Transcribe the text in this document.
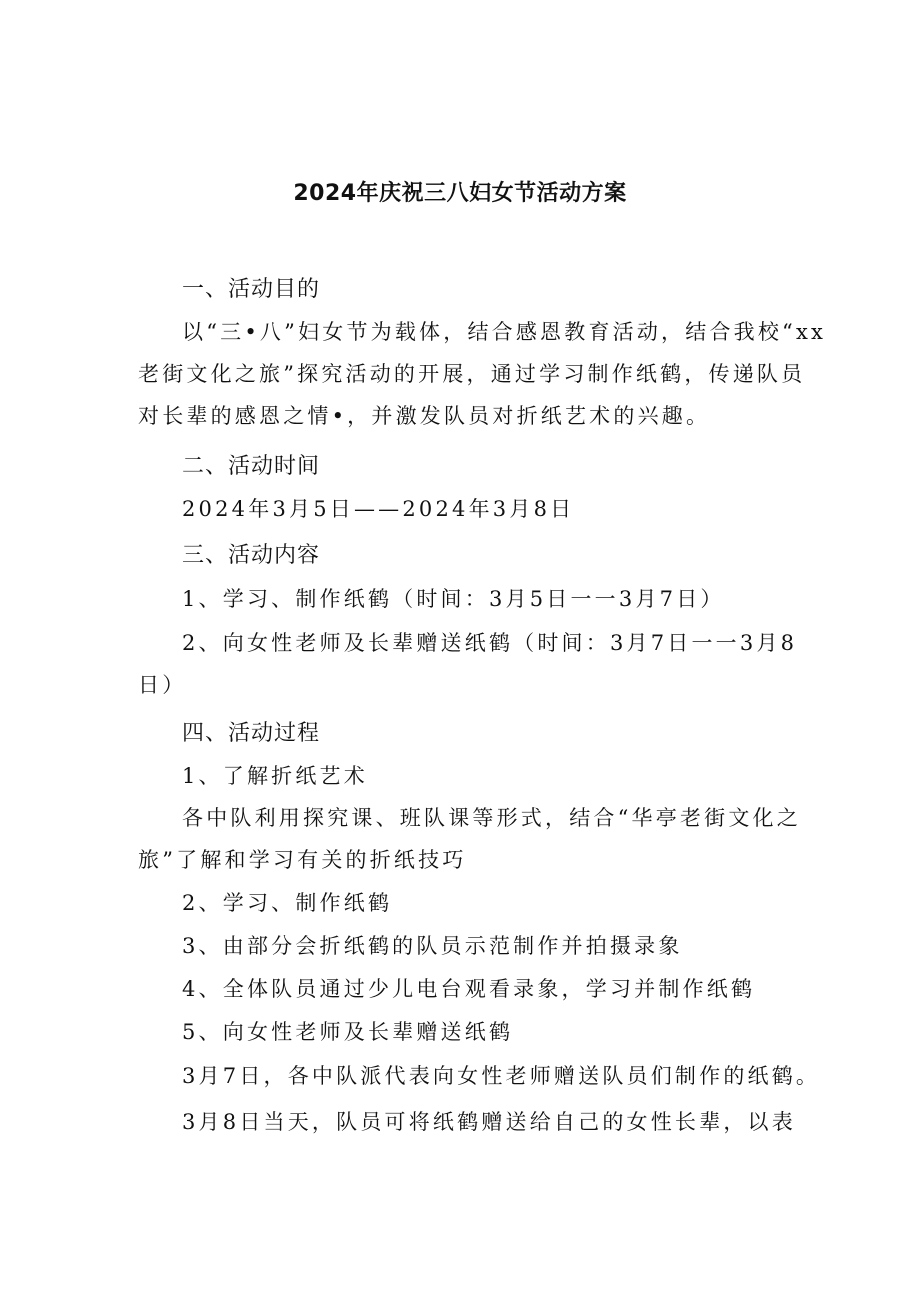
2024年庆祝三八妇女节活动方案
一、活动目的
以“三•八”妇女节为载体，结合感恩教育活动，结合我校“xx
老街文化之旅”探究活动的开展，通过学习制作纸鹤，传递队员
对长辈的感恩之情•，并激发队员对折纸艺术的兴趣。
二、活动时间
2024年3月5日——2024年3月8日
三、活动内容
1、学习、制作纸鹤（时间：3月5日一一3月7日）
2、向女性老师及长辈赠送纸鹤（时间：3月7日一一3月8
日）
四、活动过程
1、了解折纸艺术
各中队利用探究课、班队课等形式，结合“华亭老街文化之
旅”了解和学习有关的折纸技巧
2、学习、制作纸鹤
3、由部分会折纸鹤的队员示范制作并拍摄录象
4、全体队员通过少儿电台观看录象，学习并制作纸鹤
5、向女性老师及长辈赠送纸鹤
3月7日，各中队派代表向女性老师赠送队员们制作的纸鹤。
3月8日当天，队员可将纸鹤赠送给自己的女性长辈，以表
